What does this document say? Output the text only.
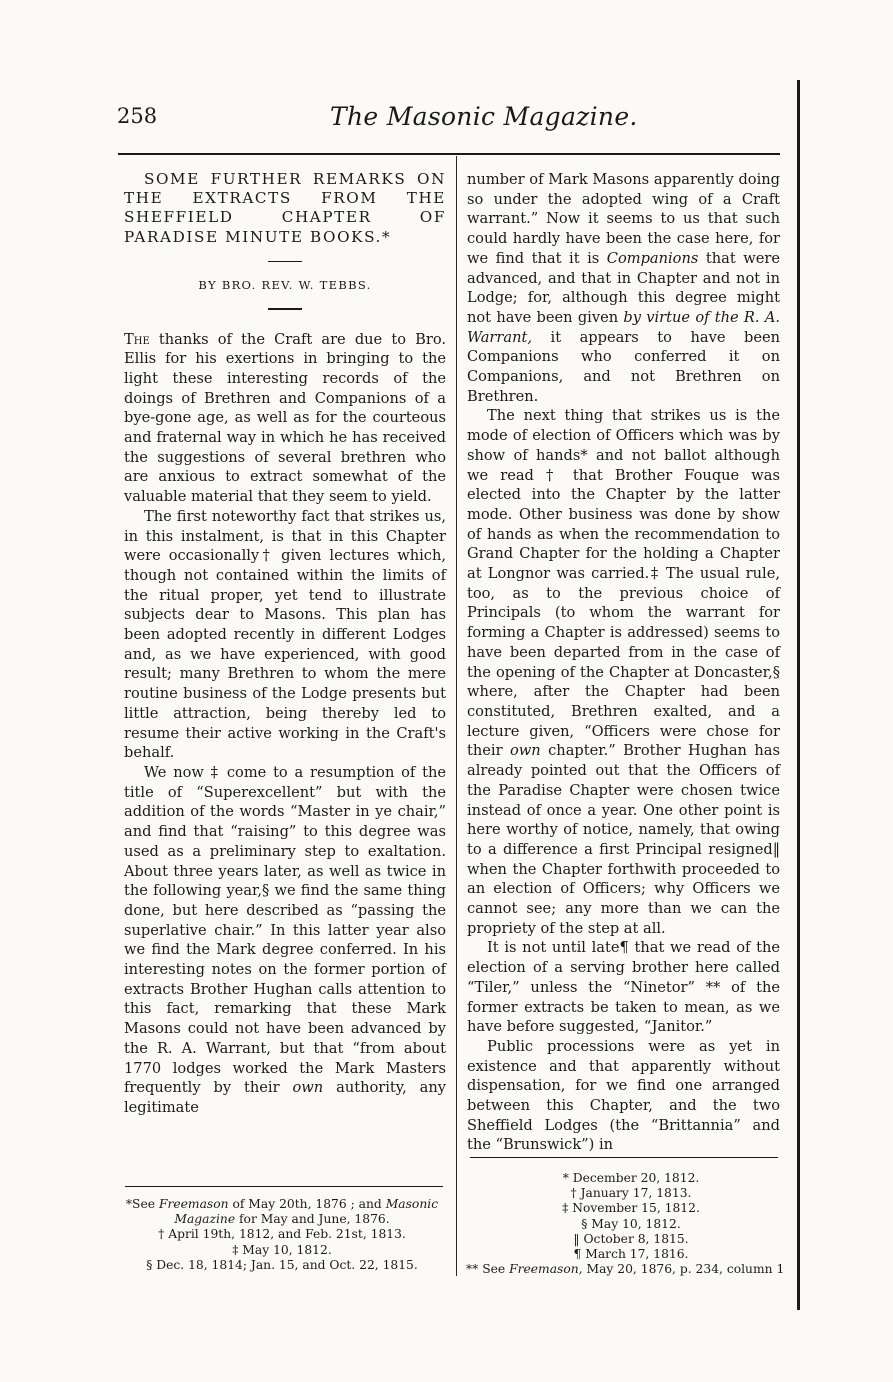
258	The Masonic Magazine.

SOME FURTHER REMARKS ON THE EXTRACTS FROM THE SHEFFIELD CHAPTER OF PARADISE MINUTE BOOKS.*

BY BRO. REV. W. TEBBS.

The thanks of the Craft are due to Bro. Ellis for his exertions in bringing to the light these interesting records of the doings of Brethren and Companions of a bye-gone age, as well as for the courteous and fraternal way in which he has received the suggestions of several brethren who are anxious to extract somewhat of the valuable material that they seem to yield.

The first noteworthy fact that strikes us, in this instalment, is that in this Chapter were occasionally† given lectures which, though not contained within the limits of the ritual proper, yet tend to illustrate subjects dear to Masons. This plan has been adopted recently in different Lodges and, as we have experienced, with good result; many Brethren to whom the mere routine business of the Lodge presents but little attraction, being thereby led to resume their active working in the Craft's behalf.

We now ‡ come to a resumption of the title of “Superexcellent” but with the addition of the words “Master in ye chair,” and find that “raising” to this degree was used as a preliminary step to exaltation. About three years later, as well as twice in the following year,§ we find the same thing done, but here described as “passing the superlative chair.” In this latter year also we find the Mark degree conferred. In his interesting notes on the former portion of extracts Brother Hughan calls attention to this fact, remarking that these Mark Masons could not have been advanced by the R. A. Warrant, but that “from about 1770 lodges worked the Mark Masters frequently by their own authority, any legitimate

number of Mark Masons apparently doing so under the adopted wing of a Craft warrant.” Now it seems to us that such could hardly have been the case here, for we find that it is Companions that were advanced, and that in Chapter and not in Lodge; for, although this degree might not have been given by virtue of the R. A. Warrant, it appears to have been Companions who conferred it on Companions, and not Brethren on Brethren.

The next thing that strikes us is the mode of election of Officers which was by show of hands* and not ballot although we read † that Brother Fouque was elected into the Chapter by the latter mode. Other business was done by show of hands as when the recommendation to Grand Chapter for the holding a Chapter at Longnor was carried.‡ The usual rule, too, as to the previous choice of Principals (to whom the warrant for forming a Chapter is addressed) seems to have been departed from in the case of the opening of the Chapter at Doncaster,§ where, after the Chapter had been constituted, Brethren exalted, and a lecture given, “Officers were chose for their own chapter.” Brother Hughan has already pointed out that the Officers of the Paradise Chapter were chosen twice instead of once a year. One other point is here worthy of notice, namely, that owing to a difference a first Principal resigned‖ when the Chapter forthwith proceeded to an election of Officers; why Officers we cannot see; any more than we can the propriety of the step at all.

It is not until late¶ that we read of the election of a serving brother here called “Tiler,” unless the “Ninetor” ** of the former extracts be taken to mean, as we have before suggested, “Janitor.”

Public processions were as yet in existence and that apparently without dispensation, for we find one arranged between this Chapter, and the two Sheffield Lodges (the “Brittannia” and the “Brunswick”) in

*See Freemason of May 20th, 1876 ; and Masonic
Magazine for May and June, 1876.
† April 19th, 1812, and Feb. 21st, 1813.
‡ May 10, 1812.
§ Dec. 18, 1814; Jan. 15, and Oct. 22, 1815.
* December 20, 1812.
† January 17, 1813.
‡ November 15, 1812.
§ May 10, 1812.
‖ October 8, 1815.
¶ March 17, 1816.
** See Freemason, May 20, 1876, p. 234, column 1
